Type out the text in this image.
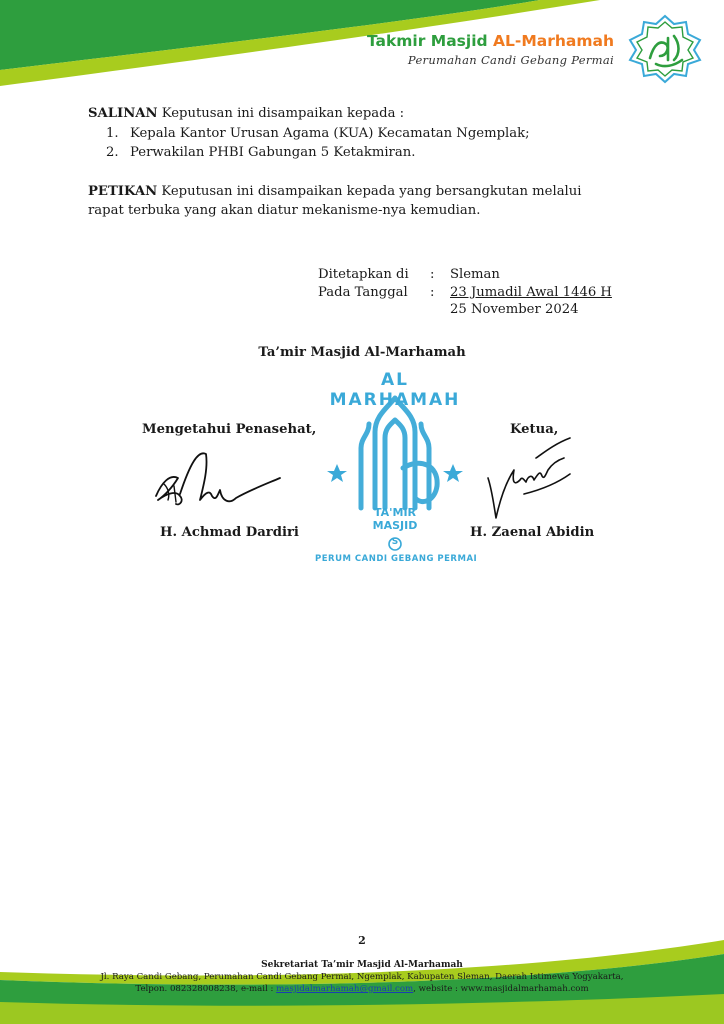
Takmir Masjid AL-Marhamah
Perumahan Candi Gebang Permai
SALINAN Keputusan ini disampaikan kepada :
1. Kepala Kantor Urusan Agama (KUA) Kecamatan Ngemplak;
2. Perwakilan PHBI Gabungan 5 Ketakmiran.
PETIKAN Keputusan ini disampaikan kepada yang bersangkutan melalui
rapat terbuka yang akan diatur mekanisme-nya kemudian.
Ditetapkan di : Sleman
Pada Tanggal : 23 Jumadil Awal 1446 H
25 November 2024
Ta’mir Masjid Al-Marhamah
Mengetahui Penasehat,	Ketua,
AL MARHAMAH
TA'MIR
MASJID
S
PERUM CANDI GEBANG PERMAI
H. Achmad Dardiri	H. Zaenal Abidin
2
Sekretariat Ta’mir Masjid Al-Marhamah
Jl. Raya Candi Gebang, Perumahan Candi Gebang Permai, Ngemplak, Kabupaten Sleman, Daerah Istimewa Yogyakarta,
Telpon. 082328008238, e-mail : masjidalmarhamah@gmail.com, website : www.masjidalmarhamah.com
